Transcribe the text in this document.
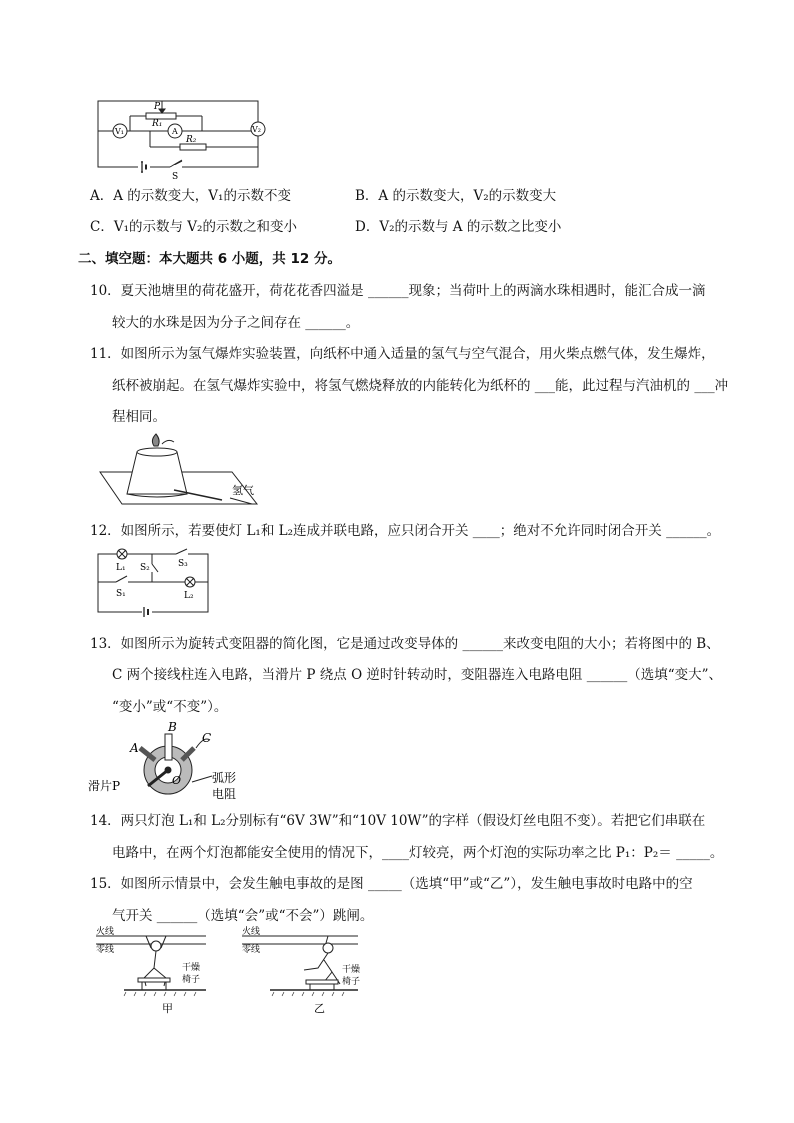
P
R₁
V₁	A	V₂
R₂
S
A．A 的示数变大，V₁的示数不变	B．A 的示数变大，V₂的示数变大
C．V₁的示数与 V₂的示数之和变小	D．V₂的示数与 A 的示数之比变小
二、填空题：本大题共 6 小题，共 12 分。
10．夏天池塘里的荷花盛开，荷花花香四溢是 ______现象；当荷叶上的两滴水珠相遇时，能汇合成一滴
较大的水珠是因为分子之间存在 ______。
11．如图所示为氢气爆炸实验装置，向纸杯中通入适量的氢气与空气混合，用火柴点燃气体，发生爆炸，
纸杯被崩起。在氢气爆炸实验中，将氢气燃烧释放的内能转化为纸杯的 ___能，此过程与汽油机的 ___冲
程相同。
氢气
12．如图所示，若要使灯 L₁和 L₂连成并联电路，应只闭合开关 ____；绝对不允许同时闭合开关 ______。
L₁ S₂	S₃
S₁	L₂
13．如图所示为旋转式变阻器的简化图，它是通过改变导体的 ______来改变电阻的大小；若将图中的 B、
C 两个接线柱连入电路，当滑片 P 绕点 O 逆时针转动时，变阻器连入电路电阻 ______（选填“变大”、
“变小”或“不变”）。
B
A
C
O
滑片P
弧形
电阻
14．两只灯泡 L₁和 L₂分别标有“6V 3W”和“10V 10W”的字样（假设灯丝电阻不变）。若把它们串联在
电路中，在两个灯泡都能安全使用的情况下，____灯较亮，两个灯泡的实际功率之比 P₁：P₂＝ _____。
15．如图所示情景中，会发生触电事故的是图 _____（选填“甲”或“乙”），发生触电事故时电路中的空
气开关 ______（选填“会”或“不会”）跳闸。
火线
零线
干燥
椅子
甲
火线
零线
干燥
椅子
乙
